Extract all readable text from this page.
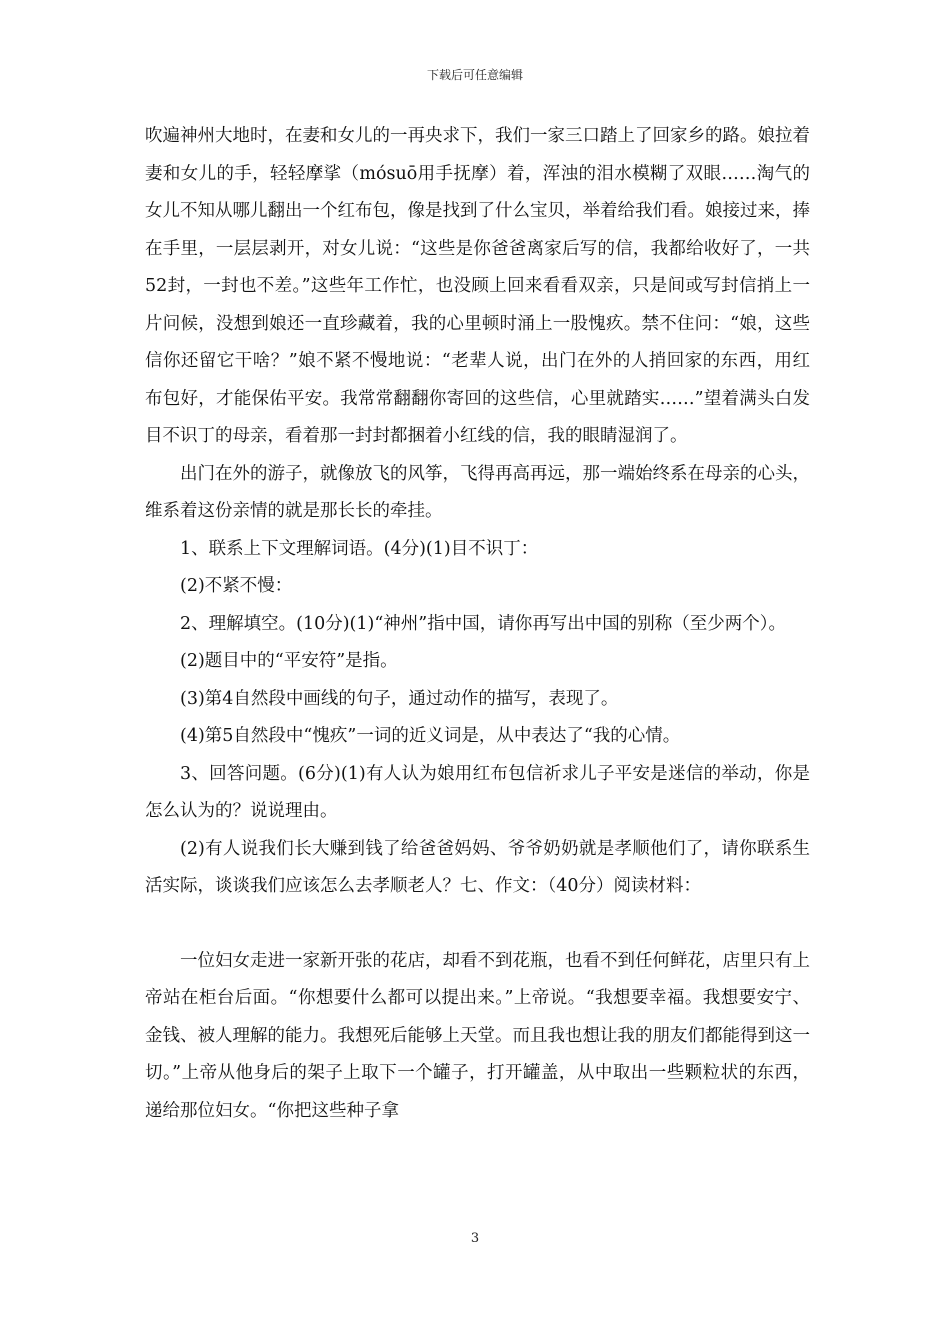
下载后可任意编辑

吹遍神州大地时，在妻和女儿的一再央求下，我们一家三口踏上了回家乡的路。娘拉着妻和女儿的手，轻轻摩挲（mósuō用手抚摩）着，浑浊的泪水模糊了双眼……淘气的女儿不知从哪儿翻出一个红布包，像是找到了什么宝贝，举着给我们看。娘接过来，捧在手里，一层层剥开，对女儿说：“这些是你爸爸离家后写的信，我都给收好了，一共52封，一封也不差。”这些年工作忙，也没顾上回来看看双亲，只是间或写封信捎上一片问候，没想到娘还一直珍藏着，我的心里顿时涌上一股愧疚。禁不住问：“娘，这些信你还留它干啥？”娘不紧不慢地说：“老辈人说，出门在外的人捎回家的东西，用红布包好，才能保佑平安。我常常翻翻你寄回的这些信，心里就踏实……”望着满头白发目不识丁的母亲，看着那一封封都捆着小红线的信，我的眼睛湿润了。

出门在外的游子，就像放飞的风筝，飞得再高再远，那一端始终系在母亲的心头，维系着这份亲情的就是那长长的牵挂。

1、联系上下文理解词语。(4分)(1)目不识丁：

(2)不紧不慢：

2、理解填空。(10分)(1)“神州”指中国，请你再写出中国的别称（至少两个）。

(2)题目中的“平安符”是指。

(3)第4自然段中画线的句子，通过动作的描写，表现了。

(4)第5自然段中“愧疚”一词的近义词是，从中表达了“我的心情。

3、回答问题。(6分)(1)有人认为娘用红布包信祈求儿子平安是迷信的举动，你是怎么认为的？说说理由。

(2)有人说我们长大赚到钱了给爸爸妈妈、爷爷奶奶就是孝顺他们了，请你联系生活实际，谈谈我们应该怎么去孝顺老人？七、作文：（40分）阅读材料：

一位妇女走进一家新开张的花店，却看不到花瓶，也看不到任何鲜花，店里只有上帝站在柜台后面。“你想要什么都可以提出来。”上帝说。“我想要幸福。我想要安宁、金钱、被人理解的能力。我想死后能够上天堂。而且我也想让我的朋友们都能得到这一切。”上帝从他身后的架子上取下一个罐子，打开罐盖，从中取出一些颗粒状的东西，递给那位妇女。“你把这些种子拿

3
